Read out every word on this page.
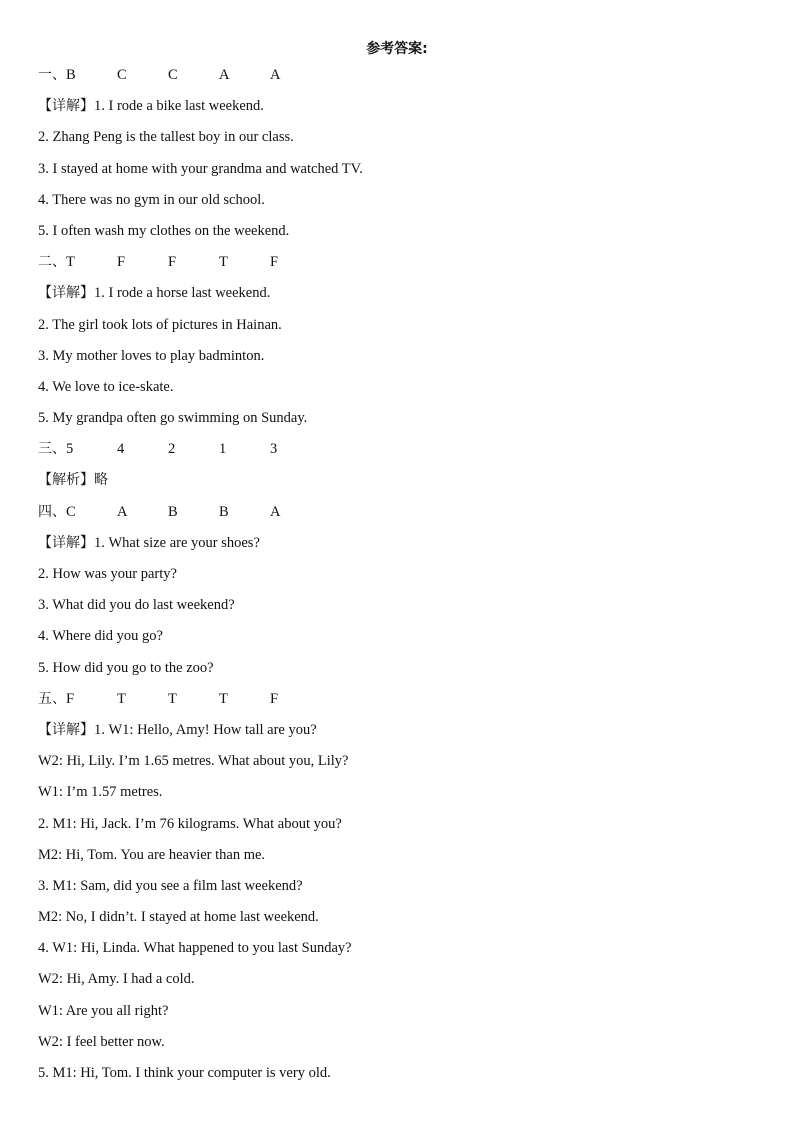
参考答案:
一、B	C	C	A	A
【详解】1. I rode a bike last weekend.
2. Zhang Peng is the tallest boy in our class.
3. I stayed at home with your grandma and watched TV.
4. There was no gym in our old school.
5. I often wash my clothes on the weekend.
二、T	F	F	T	F
【详解】1. I rode a horse last weekend.
2. The girl took lots of pictures in Hainan.
3. My mother loves to play badminton.
4. We love to ice-skate.
5. My grandpa often go swimming on Sunday.
三、5	4	2	1	3
【解析】略
四、C	A	B	B	A
【详解】1. What size are your shoes?
2. How was your party?
3. What did you do last weekend?
4. Where did you go?
5. How did you go to the zoo?
五、F	T	T	T	F
【详解】1. W1: Hello, Amy! How tall are you?
W2: Hi, Lily. I’m 1.65 metres. What about you, Lily?
W1: I’m 1.57 metres.
2. M1: Hi, Jack. I’m 76 kilograms. What about you?
M2: Hi, Tom. You are heavier than me.
3. M1: Sam, did you see a film last weekend?
M2: No, I didn’t. I stayed at home last weekend.
4. W1: Hi, Linda. What happened to you last Sunday?
W2: Hi, Amy. I had a cold.
W1: Are you all right?
W2: I feel better now.
5. M1: Hi, Tom. I think your computer is very old.
